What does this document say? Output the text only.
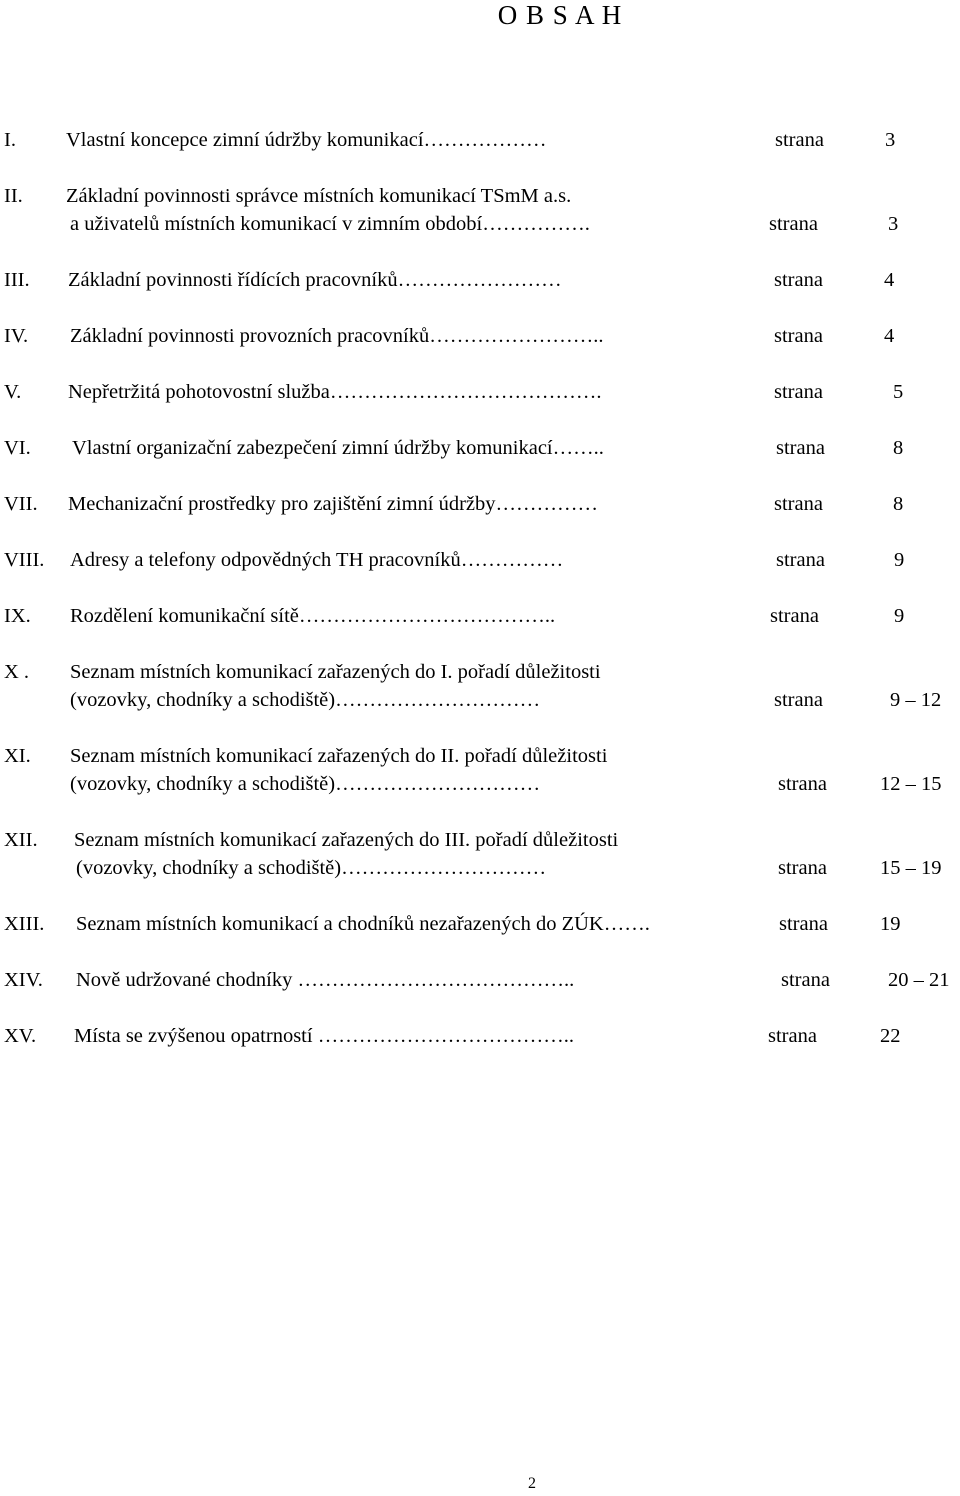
O B S A H
I. Vlastní koncepce zimní údržby komunikací………………	strana	3
II. Základní povinnosti správce místních komunikací TSmM a.s.
a uživatelů místních komunikací v zimním období…………….	strana	3
III. Základní povinnosti řídících pracovníků……………………	strana	4
IV. Základní povinnosti provozních pracovníků……………………..	strana	4
V. Nepřetržitá pohotovostní služba………………………………….	strana	5
VI. Vlastní organizační zabezpečení zimní údržby komunikací……..	strana	8
VII. Mechanizační prostředky pro zajištění zimní údržby……………	strana	8
VIII. Adresy a telefony odpovědných TH pracovníků……………	strana	9
IX. Rozdělení komunikační sítě………………………………..	strana	9
X . Seznam místních komunikací zařazených do I. pořadí důležitosti
(vozovky, chodníky a schodiště)…………………………	strana	9 – 12
XI. Seznam místních komunikací zařazených do II. pořadí důležitosti
(vozovky, chodníky a schodiště)…………………………	strana	12 – 15
XII. Seznam místních komunikací zařazených do III. pořadí důležitosti
(vozovky, chodníky a schodiště)…………………………	strana	15 – 19
XIII. Seznam místních komunikací a chodníků nezařazených do ZÚK…….	strana	19
XIV. Nově udržované chodníky …………………………………..	strana	20 – 21
XV. Místa se zvýšenou opatrností ………………………………..	strana	22
2
